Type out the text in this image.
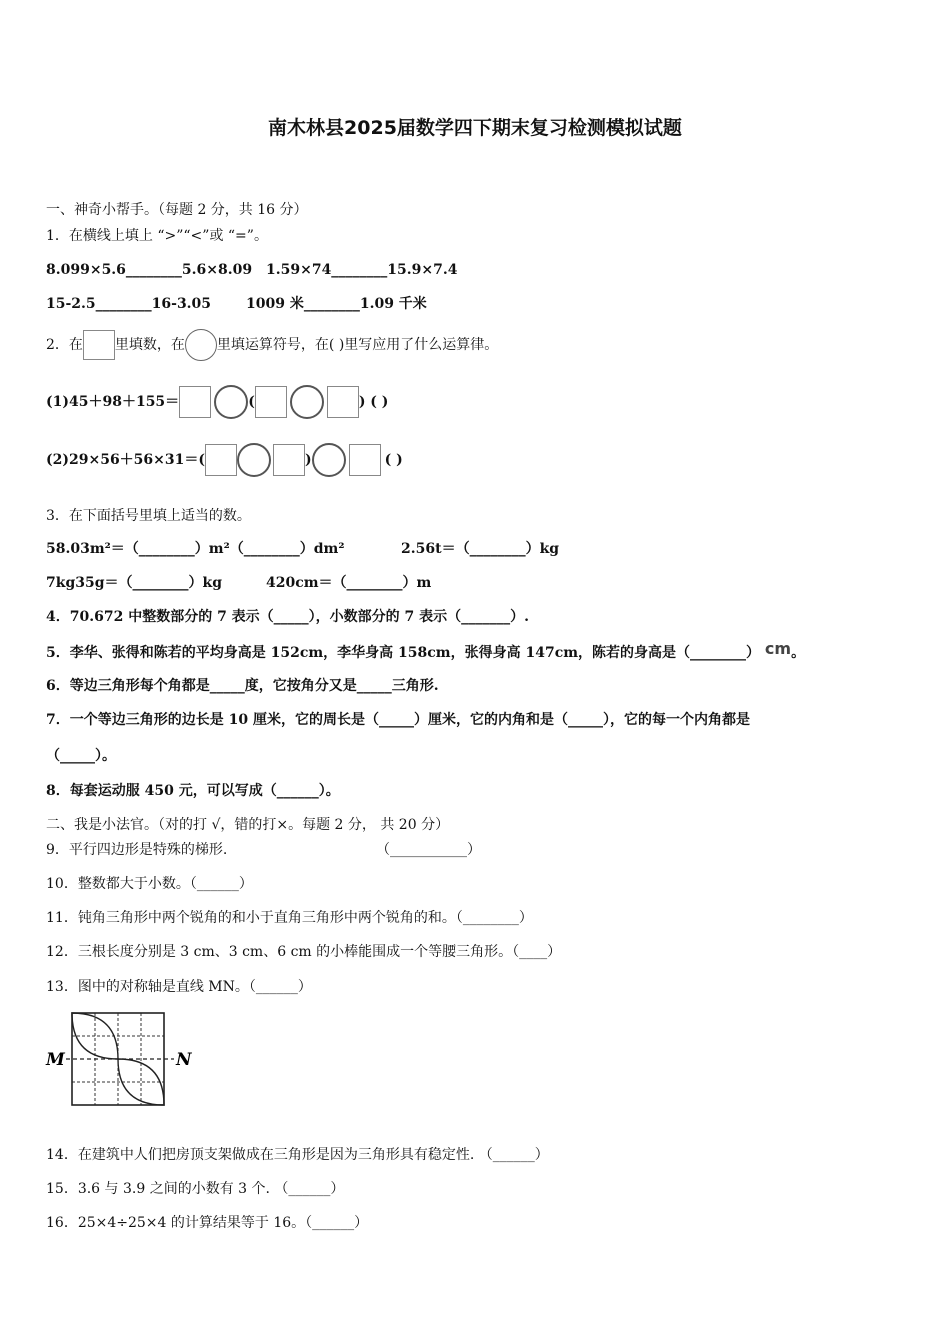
南木林县2025届数学四下期末复习检测模拟试题
一、神奇小帮手。（每题 2 分，共 16 分）
1．在横线上填上 “>”“<”或 “=”。
8.099×5.6________5.6×8.09 1.59×74________15.9×7.4
15-2.5________16-3.05 1009 米________1.09 千米
2．在 里填数，在 里填运算符号，在( )里写应用了什么运算律。
(1)45＋98＋155＝	(	) ( )
(2)29×56＋56×31＝(	)	( )
3．在下面括号里填上适当的数。
58.03m²＝（________）m²（________）dm²	2.56t＝（________）kg
7kg35g＝（________）kg	420cm＝（________）m
4．70.672 中整数部分的 7 表示（_____），小数部分的 7 表示（_______）.
5．李华、张得和陈若的平均身高是 152cm，李华身高 158cm，张得身高 147cm，陈若的身高是（________） cm。
6．等边三角形每个角都是_____度，它按角分又是_____三角形.
7．一个等边三角形的边长是 10 厘米，它的周长是（_____）厘米，它的内角和是（_____），它的每一个内角都是
（_____）。
8．每套运动服 450 元，可以写成（______）。
二、我是小法官。（对的打 √，错的打×。每题 2 分， 共 20 分）
9．平行四边形是特殊的梯形.	（___________）
10．整数都大于小数。（______）
11．钝角三角形中两个锐角的和小于直角三角形中两个锐角的和。（________）
12．三根长度分别是 3 cm、3 cm、6 cm 的小棒能围成一个等腰三角形。（____）
13．图中的对称轴是直线 MN。（______）
M	N
14．在建筑中人们把房顶支架做成在三角形是因为三角形具有稳定性. （______）
15．3.6 与 3.9 之间的小数有 3 个. （______）
16．25×4÷25×4 的计算结果等于 16。（______）
